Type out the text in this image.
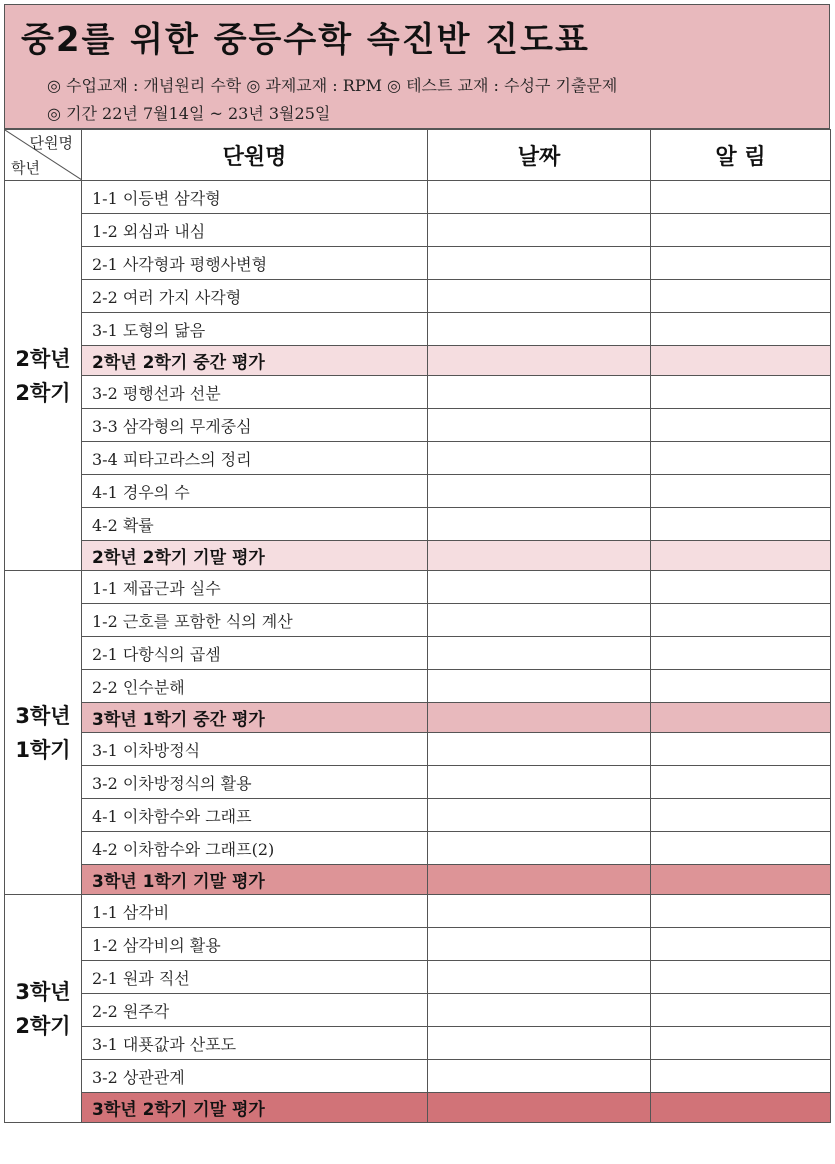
중2를 위한 중등수학 속진반 진도표
◎ 수업교재 : 개념원리 수학 ◎ 과제교재 : RPM ◎ 테스트 교재 : 수성구 기출문제
◎ 기간 22년 7월14일 ~ 23년 3월25일
단원명
학년	단원명	날짜	알 림

2학년
2학기	1-1 이등변 삼각형		
	1-2 외심과 내심		
	2-1 사각형과 평행사변형		
	2-2 여러 가지 사각형		
	3-1 도형의 닮음		
	2학년 2학기 중간 평가		
	3-2 평행선과 선분		
	3-3 삼각형의 무게중심		
	3-4 피타고라스의 정리		
	4-1 경우의 수		
	4-2 확률		
	2학년 2학기 기말 평가		

3학년
1학기	1-1 제곱근과 실수		
	1-2 근호를 포함한 식의 계산		
	2-1 다항식의 곱셈		
	2-2 인수분해		
	3학년 1학기 중간 평가		
	3-1 이차방정식		
	3-2 이차방정식의 활용		
	4-1 이차함수와 그래프		
	4-2 이차함수와 그래프(2)		
	3학년 1학기 기말 평가		

3학년
2학기	1-1 삼각비		
	1-2 삼각비의 활용		
	2-1 원과 직선		
	2-2 원주각		
	3-1 대푯값과 산포도		
	3-2 상관관계		
	3학년 2학기 기말 평가		
